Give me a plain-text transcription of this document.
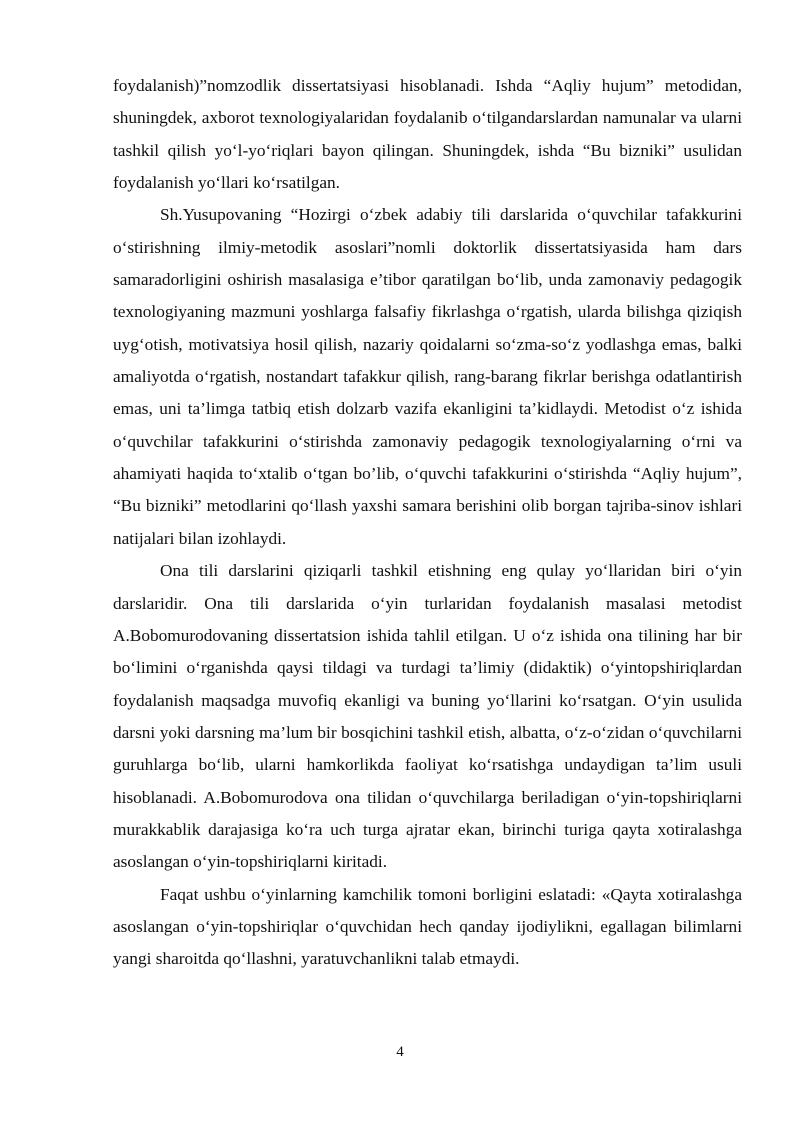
foydalanish)”nomzodlik dissertatsiyasi hisoblanadi. Ishda “Aqliy hujum” metodidan, shuningdek, axborot texnologiyalaridan foydalanib o‘tilgandarslardan namunalar va ularni tashkil qilish yo‘l-yo‘riqlari bayon qilingan. Shuningdek, ishda “Bu bizniki” usulidan foydalanish yo‘llari ko‘rsatilgan.

Sh.Yusupovaning “Hozirgi o‘zbek adabiy tili darslarida o‘quvchilar tafakkurini o‘stirishning ilmiy-metodik asoslari”nomli doktorlik dissertatsiyasida ham dars samaradorligini oshirish masalasiga e’tibor qaratilgan bo‘lib, unda zamonaviy pedagogik texnologiyaning mazmuni yoshlarga falsafiy fikrlashga o‘rgatish, ularda bilishga qiziqish uyg‘otish, motivatsiya hosil qilish, nazariy qoidalarni so‘zma-so‘z yodlashga emas, balki amaliyotda o‘rgatish, nostandart tafakkur qilish, rang-barang fikrlar berishga odatlantirish emas, uni ta’limga tatbiq etish dolzarb vazifa ekanligini ta’kidlaydi. Metodist o‘z ishida o‘quvchilar tafakkurini o‘stirishda zamonaviy pedagogik texnologiyalarning o‘rni va ahamiyati haqida to‘xtalib o‘tgan bo’lib, o‘quvchi tafakkurini o‘stirishda “Aqliy hujum”, “Bu bizniki” metodlarini qo‘llash yaxshi samara berishini olib borgan tajriba-sinov ishlari natijalari bilan izohlaydi.

Ona tili darslarini qiziqarli tashkil etishning eng qulay yo‘llaridan biri o‘yin darslaridir. Ona tili darslarida o‘yin turlaridan foydalanish masalasi metodist A.Bobomurodovaning dissertatsion ishida tahlil etilgan. U o‘z ishida ona tilining har bir bo‘limini o‘rganishda qaysi tildagi va turdagi ta’limiy (didaktik) o‘yintopshiriqlardan foydalanish maqsadga muvofiq ekanligi va buning yo‘llarini ko‘rsatgan. O‘yin usulida darsni yoki darsning ma’lum bir bosqichini tashkil etish, albatta, o‘z-o‘zidan o‘quvchilarni guruhlarga bo‘lib, ularni hamkorlikda faoliyat ko‘rsatishga undaydigan ta’lim usuli hisoblanadi. A.Bobomurodova ona tilidan o‘quvchilarga beriladigan o‘yin-topshiriqlarni murakkablik darajasiga ko‘ra uch turga ajratar ekan, birinchi turiga qayta xotiralashga asoslangan o‘yin-topshiriqlarni kiritadi.

Faqat ushbu o‘yinlarning kamchilik tomoni borligini eslatadi: «Qayta xotiralashga asoslangan o‘yin-topshiriqlar o‘quvchidan hech qanday ijodiylikni, egallagan bilimlarni yangi sharoitda qo‘llashni, yaratuvchanlikni talab etmaydi.

4
